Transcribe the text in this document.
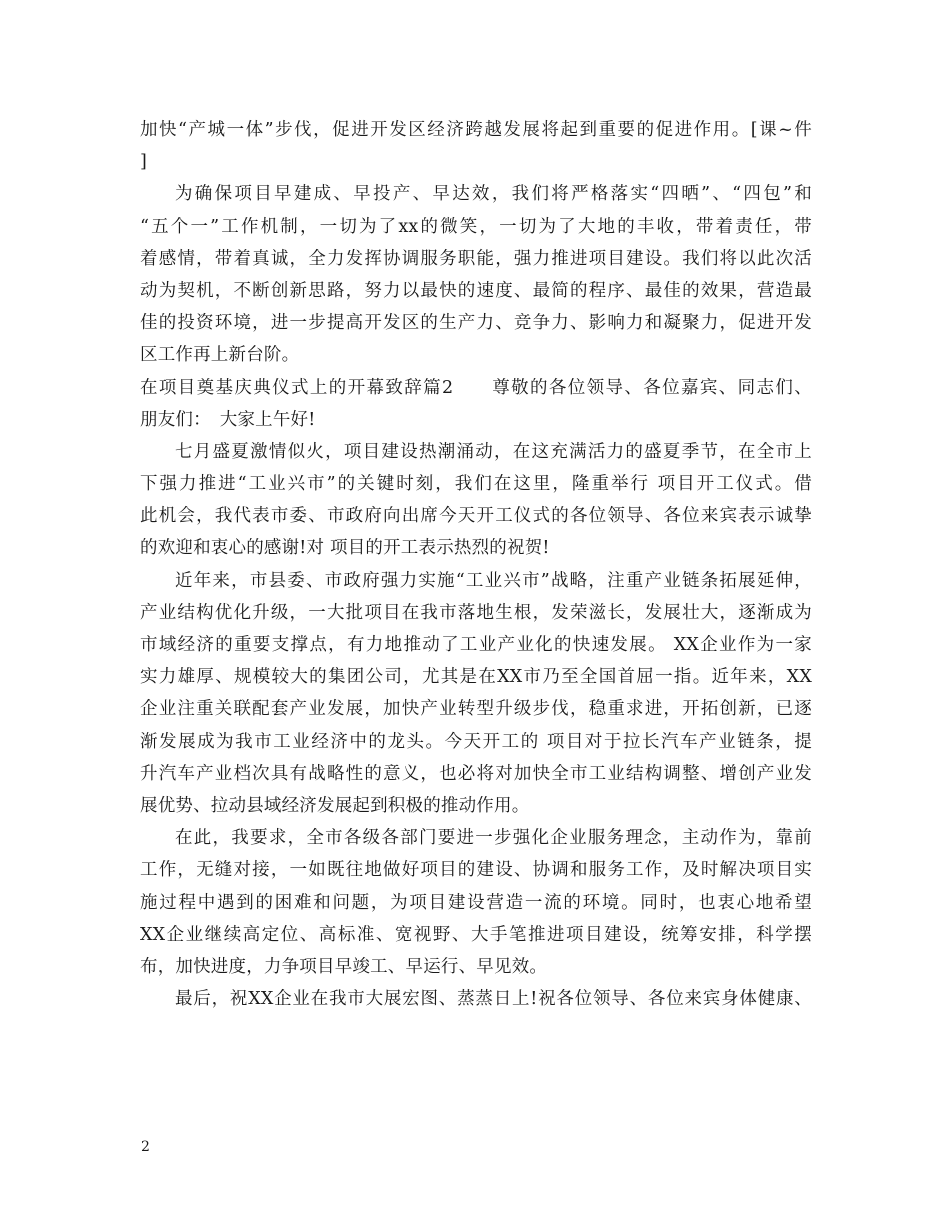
加快“产城一体”步伐，促进开发区经济跨越发展将起到重要的促进作用。[课~件
]
为确保项目早建成、早投产、早达效，我们将严格落实“四晒”、“四包”和
“五个一”工作机制，一切为了xx的微笑，一切为了大地的丰收，带着责任，带
着感情，带着真诚，全力发挥协调服务职能，强力推进项目建设。我们将以此次活
动为契机，不断创新思路，努力以最快的速度、最简的程序、最佳的效果，营造最
佳的投资环境，进一步提高开发区的生产力、竞争力、影响力和凝聚力，促进开发
区工作再上新台阶。
在项目奠基庆典仪式上的开幕致辞篇2　　尊敬的各位领导、各位嘉宾、同志们、
朋友们：　大家上午好!
七月盛夏激情似火，项目建设热潮涌动，在这充满活力的盛夏季节，在全市上
下强力推进“工业兴市”的关键时刻，我们在这里，隆重举行 项目开工仪式。借
此机会，我代表市委、市政府向出席今天开工仪式的各位领导、各位来宾表示诚挚
的欢迎和衷心的感谢!对 项目的开工表示热烈的祝贺!
近年来，市县委、市政府强力实施“工业兴市”战略，注重产业链条拓展延伸，
产业结构优化升级，一大批项目在我市落地生根，发荣滋长，发展壮大，逐渐成为
市域经济的重要支撑点，有力地推动了工业产业化的快速发展。 XX企业作为一家
实力雄厚、规模较大的集团公司，尤其是在XX市乃至全国首屈一指。近年来，XX
企业注重关联配套产业发展，加快产业转型升级步伐，稳重求进，开拓创新，已逐
渐发展成为我市工业经济中的龙头。今天开工的 项目对于拉长汽车产业链条，提
升汽车产业档次具有战略性的意义，也必将对加快全市工业结构调整、增创产业发
展优势、拉动县域经济发展起到积极的推动作用。
在此，我要求，全市各级各部门要进一步强化企业服务理念，主动作为，靠前
工作，无缝对接，一如既往地做好项目的建设、协调和服务工作，及时解决项目实
施过程中遇到的困难和问题，为项目建设营造一流的环境。同时，也衷心地希望
XX企业继续高定位、高标准、宽视野、大手笔推进项目建设，统筹安排，科学摆
布，加快进度，力争项目早竣工、早运行、早见效。
最后，祝XX企业在我市大展宏图、蒸蒸日上!祝各位领导、各位来宾身体健康、
2
